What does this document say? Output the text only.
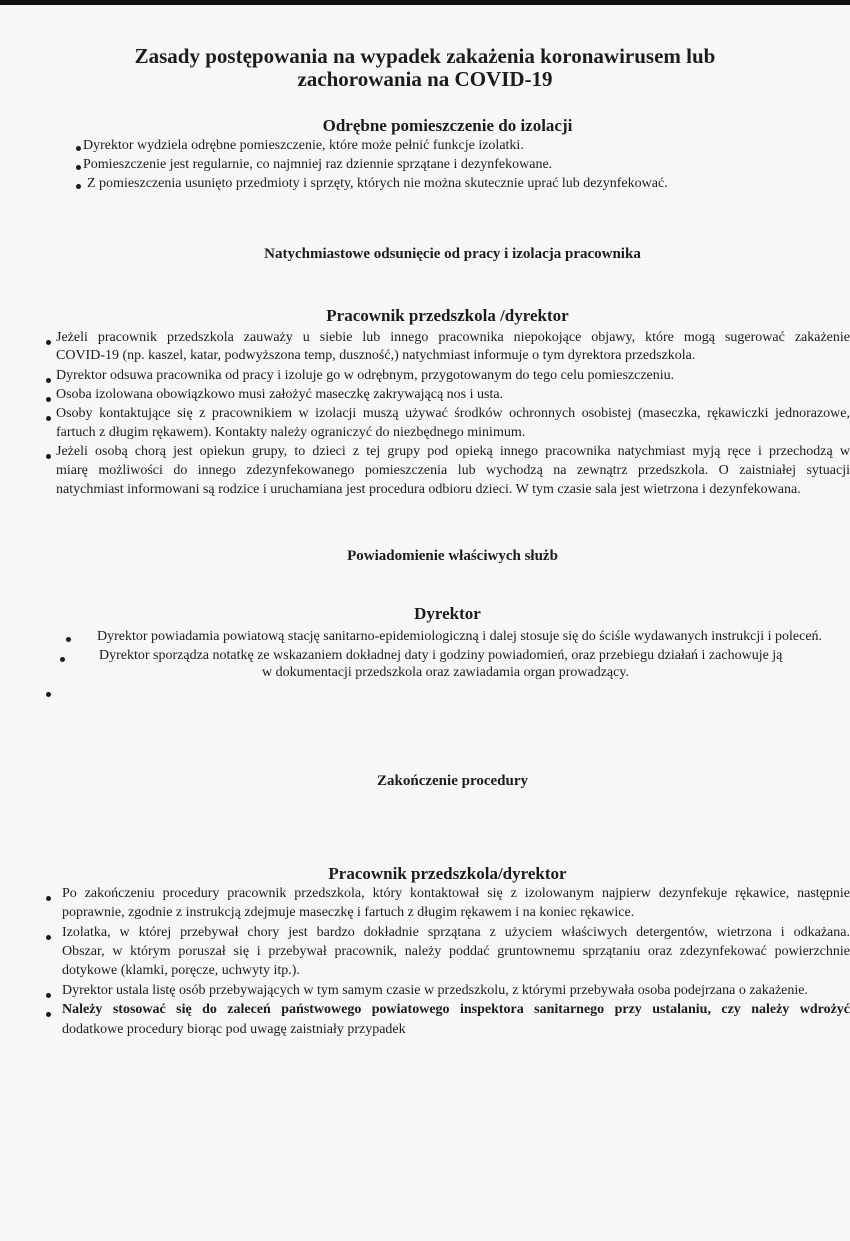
Zasady postępowania na wypadek zakażenia koronawirusem lub
zachorowania na COVID-19
Odrębne pomieszczenie do izolacji
Dyrektor wydziela odrębne pomieszczenie, które może pełnić funkcje izolatki.
Pomieszczenie jest regularnie, co najmniej raz dziennie sprzątane i dezynfekowane.
Z pomieszczenia usunięto przedmioty i sprzęty, których nie można skutecznie uprać lub dezynfekować.
Natychmiastowe odsunięcie od pracy i izolacja pracownika
Pracownik przedszkola /dyrektor
Jeżeli pracownik przedszkola zauważy u siebie lub innego pracownika niepokojące objawy, które mogą sugerować zakażenie
COVID-19 (np. kaszel, katar, podwyższona temp, duszność,) natychmiast informuje o tym dyrektora przedszkola.
Dyrektor odsuwa pracownika od pracy i izoluje go w odrębnym, przygotowanym do tego celu pomieszczeniu.
Osoba izolowana obowiązkowo musi założyć maseczkę zakrywającą nos i usta.
Osoby kontaktujące się z pracownikiem w izolacji muszą używać środków ochronnych osobistej (maseczka, rękawiczki jednorazowe,
fartuch z długim rękawem). Kontakty należy ograniczyć do niezbędnego minimum.
Jeżeli osobą chorą jest opiekun grupy, to dzieci z tej grupy pod opieką innego pracownika natychmiast myją ręce i przechodzą w
miarę możliwości do innego zdezynfekowanego pomieszczenia lub wychodzą na zewnątrz przedszkola. O zaistniałej sytuacji
natychmiast informowani są rodzice i uruchamiana jest procedura odbioru dzieci. W tym czasie sala jest wietrzona i dezynfekowana.
Powiadomienie właściwych służb
Dyrektor
Dyrektor powiadamia powiatową stację sanitarno-epidemiologiczną i dalej stosuje się do ściśle wydawanych instrukcji i poleceń.
Dyrektor sporządza notatkę ze wskazaniem dokładnej daty i godziny powiadomień, oraz przebiegu działań i zachowuje ją
w dokumentacji przedszkola oraz zawiadamia organ prowadzący.
Zakończenie procedury
Pracownik przedszkola/dyrektor
Po zakończeniu procedury pracownik przedszkola, który kontaktował się z izolowanym najpierw dezynfekuje rękawice, następnie
poprawnie, zgodnie z instrukcją zdejmuje maseczkę i fartuch z długim rękawem i na koniec rękawice.
Izolatka, w której przebywał chory jest bardzo dokładnie sprzątana z użyciem właściwych detergentów, wietrzona i odkażana.
Obszar, w którym poruszał się i przebywał pracownik, należy poddać gruntownemu sprzątaniu oraz zdezynfekować powierzchnie
dotykowe (klamki, poręcze, uchwyty itp.).
Dyrektor ustala listę osób przebywających w tym samym czasie w przedszkolu, z którymi przebywała osoba podejrzana o zakażenie.
Należy stosować się do zaleceń państwowego powiatowego inspektora sanitarnego przy ustalaniu, czy należy wdrożyć
dodatkowe procedury biorąc pod uwagę zaistniały przypadek
